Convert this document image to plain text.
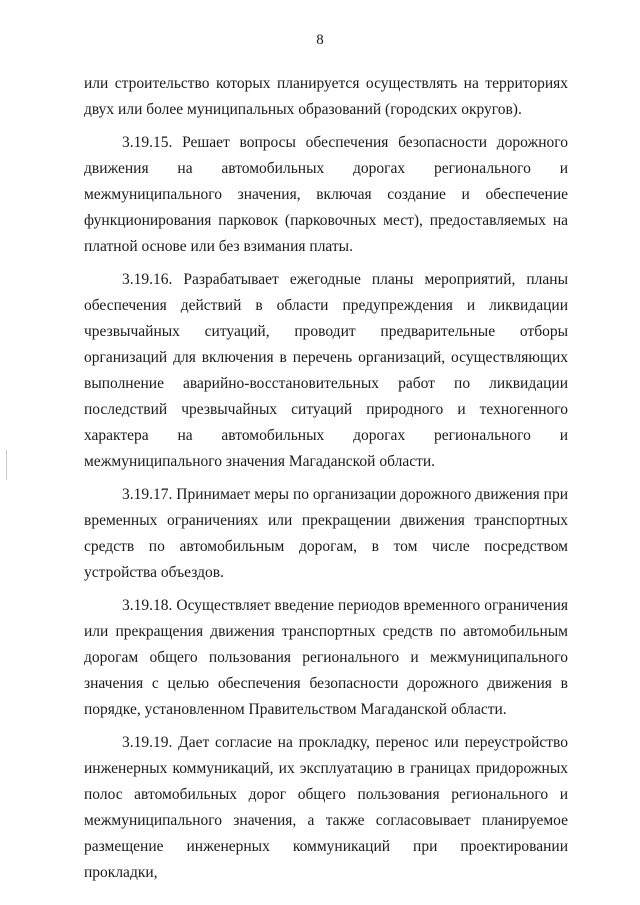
8

или строительство которых планируется осуществлять на территориях двух или более муниципальных образований (городских округов).

3.19.15. Решает вопросы обеспечения безопасности дорожного движения на автомобильных дорогах регионального и межмуниципального значения, включая создание и обеспечение функционирования парковок (парковочных мест), предоставляемых на платной основе или без взимания платы.

3.19.16. Разрабатывает ежегодные планы мероприятий, планы обеспечения действий в области предупреждения и ликвидации чрезвычайных ситуаций, проводит предварительные отборы организаций для включения в перечень организаций, осуществляющих выполнение аварийно-восстановительных работ по ликвидации последствий чрезвычайных ситуаций природного и техногенного характера на автомобильных дорогах регионального и межмуниципального значения Магаданской области.

3.19.17. Принимает меры по организации дорожного движения при временных ограничениях или прекращении движения транспортных средств по автомобильным дорогам, в том числе посредством устройства объездов.

3.19.18. Осуществляет введение периодов временного ограничения или прекращения движения транспортных средств по автомобильным дорогам общего пользования регионального и межмуниципального значения с целью обеспечения безопасности дорожного движения в порядке, установленном Правительством Магаданской области.

3.19.19. Дает согласие на прокладку, перенос или переустройство инженерных коммуникаций, их эксплуатацию в границах придорожных полос автомобильных дорог общего пользования регионального и межмуниципального значения, а также согласовывает планируемое размещение инженерных коммуникаций при проектировании прокладки,
